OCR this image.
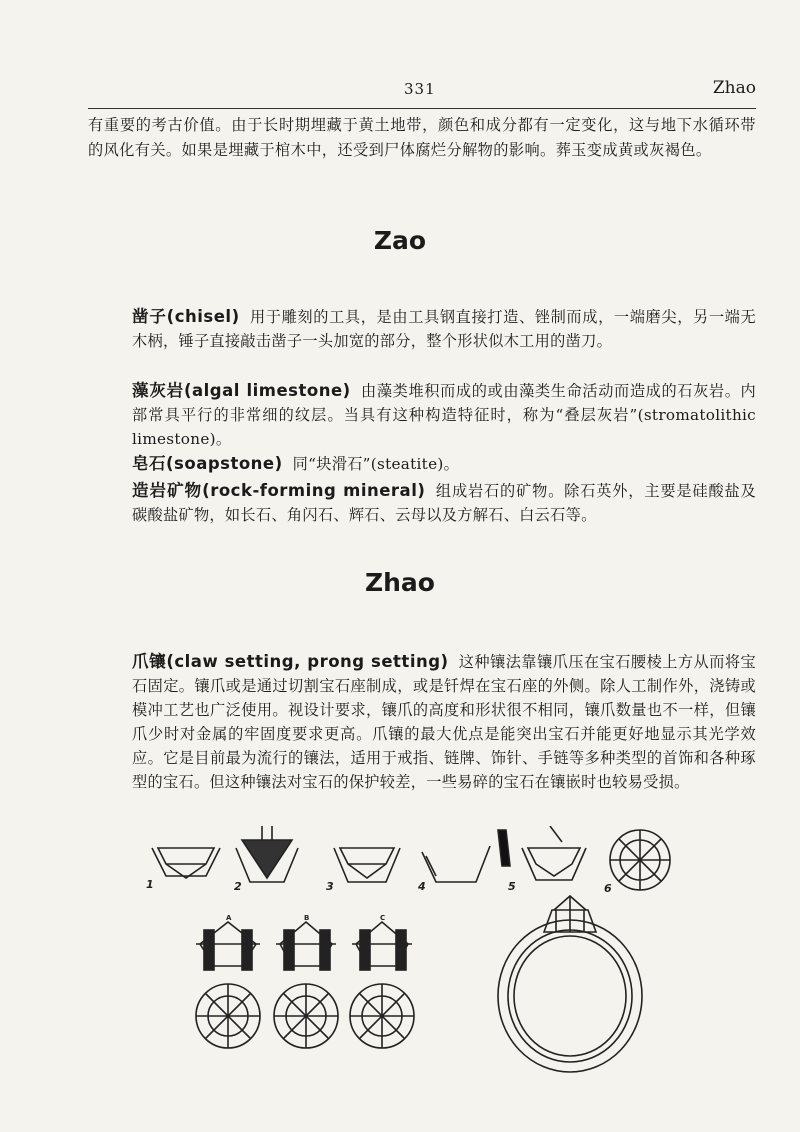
331	Zhao
有重要的考古价值。由于长时期埋藏于黄土地带，颜色和成分都有一定变化，这与地下水循环带的风化有关。如果是埋藏于棺木中，还受到尸体腐烂分解物的影响。葬玉变成黄或灰褐色。
Zao
凿子(chisel) 用于雕刻的工具，是由工具钢直接打造、锉制而成，一端磨尖，另一端无木柄，锤子直接敲击凿子一头加宽的部分，整个形状似木工用的凿刀。
藻灰岩(algal limestone) 由藻类堆积而成的或由藻类生命活动而造成的石灰岩。内部常具平行的非常细的纹层。当具有这种构造特征时，称为“叠层灰岩”(stromatolithic limestone)。
皂石(soapstone) 同“块滑石”(steatite)。
造岩矿物(rock-forming mineral) 组成岩石的矿物。除石英外，主要是硅酸盐及碳酸盐矿物，如长石、角闪石、辉石、云母以及方解石、白云石等。
Zhao
爪镶(claw setting, prong setting) 这种镶法靠镶爪压在宝石腰棱上方从而将宝石固定。镶爪或是通过切割宝石座制成，或是钎焊在宝石座的外侧。除人工制作外，浇铸或模冲工艺也广泛使用。视设计要求，镶爪的高度和形状很不相同，镶爪数量也不一样，但镶爪少时对金属的牢固度要求更高。爪镶的最大优点是能突出宝石并能更好地显示其光学效应。它是目前最为流行的镶法，适用于戒指、链牌、饰针、手链等多种类型的首饰和各种琢型的宝石。但这种镶法对宝石的保护较差，一些易碎的宝石在镶嵌时也较易受损。
1	2	3	4	5	6
A	B	C
